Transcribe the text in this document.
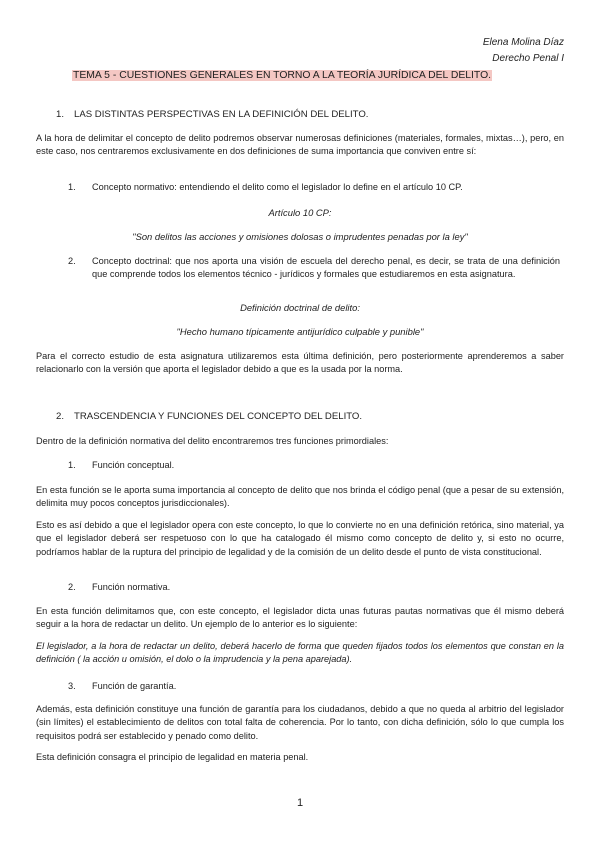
Elena Molina Díaz
Derecho Penal I
TEMA 5 - CUESTIONES GENERALES EN TORNO A LA TEORÍA JURÍDICA DEL DELITO.
1. LAS DISTINTAS PERSPECTIVAS EN LA DEFINICIÓN DEL DELITO.
A la hora de delimitar el concepto de delito podremos observar numerosas definiciones (materiales, formales, mixtas…), pero, en este caso, nos centraremos exclusivamente en dos definiciones de suma importancia que conviven entre sí:
1. Concepto normativo: entendiendo el delito como el legislador lo define en el artículo 10 CP.
Artículo 10 CP:
"Son delitos las acciones y omisiones dolosas o imprudentes penadas por la ley"
2. Concepto doctrinal: que nos aporta una visión de escuela del derecho penal, es decir, se trata de una definición que comprende todos los elementos técnico - jurídicos y formales que estudiaremos en esta asignatura.
Definición doctrinal de delito:
"Hecho humano típicamente antijurídico culpable y punible"
Para el correcto estudio de esta asignatura utilizaremos esta última definición, pero posteriormente aprenderemos a saber relacionarlo con la versión que aporta el legislador debido a que es la usada por la norma.
2. TRASCENDENCIA Y FUNCIONES DEL CONCEPTO DEL DELITO.
Dentro de la definición normativa del delito encontraremos tres funciones primordiales:
1. Función conceptual.
En esta función se le aporta suma importancia al concepto de delito que nos brinda el código penal (que a pesar de su extensión, delimita muy pocos conceptos jurisdiccionales).
Esto es así debido a que el legislador opera con este concepto, lo que lo convierte no en una definición retórica, sino material, ya que el legislador deberá ser respetuoso con lo que ha catalogado él mismo como concepto de delito y, si esto no ocurre, podríamos hablar de la ruptura del principio de legalidad y de la comisión de un delito desde el punto de vista constitucional.
2. Función normativa.
En esta función delimitamos que, con este concepto, el legislador dicta unas futuras pautas normativas que él mismo deberá seguir a la hora de redactar un delito. Un ejemplo de lo anterior es lo siguiente:
El legislador, a la hora de redactar un delito, deberá hacerlo de forma que queden fijados todos los elementos que constan en la definición ( la acción u omisión, el dolo o la imprudencia y la pena aparejada).
3. Función de garantía.
Además, esta definición constituye una función de garantía para los ciudadanos, debido a que no queda al arbitrio del legislador (sin límites) el establecimiento de delitos con total falta de coherencia. Por lo tanto, con dicha definición, sólo lo que cumpla los requisitos podrá ser establecido y penado como delito.
Esta definición consagra el principio de legalidad en materia penal.
1
